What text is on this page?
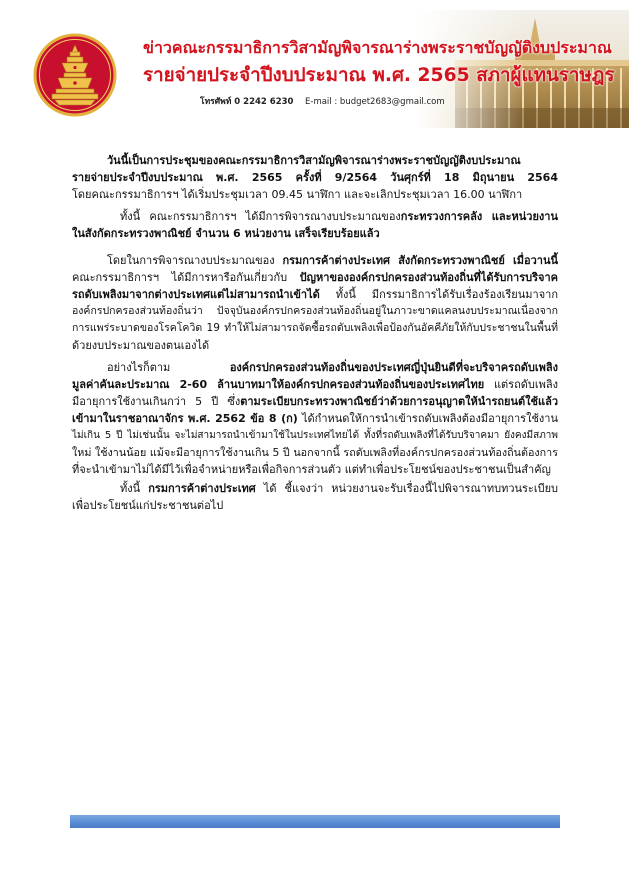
ข่าวคณะกรรมาธิการวิสามัญพิจารณาร่างพระราชบัญญัติงบประมาณ
รายจ่ายประจำปีงบประมาณ พ.ศ. 2565 สภาผู้แทนราษฎร
โทรศัพท์ 0 2242 6230 E-mail : budget2683@gmail.com
วันนี้เป็นการประชุมของคณะกรรมาธิการวิสามัญพิจารณาร่างพระราชบัญญัติงบประมาณ
รายจ่ายประจำปีงบประมาณ พ.ศ. 2565 ครั้งที่ 9/2564 วันศุกร์ที่ 18 มิถุนายน 2564
โดยคณะกรรมาธิการฯ ได้เริ่มประชุมเวลา 09.45 นาฬิกา และจะเลิกประชุมเวลา 16.00 นาฬิกา
ทั้งนี้ คณะกรรมาธิการฯ ได้มีการพิจารณางบประมาณของกระทรวงการคลัง และหน่วยงาน
ในสังกัดกระทรวงพาณิชย์ จำนวน 6 หน่วยงาน เสร็จเรียบร้อยแล้ว
โดยในการพิจารณางบประมาณของ กรมการค้าต่างประเทศ สังกัดกระทรวงพาณิชย์ เมื่อวานนี้
คณะกรรมาธิการฯ ได้มีการหารือกันเกี่ยวกับ ปัญหาขององค์กรปกครองส่วนท้องถิ่นที่ได้รับการบริจาค
รถดับเพลิงมาจากต่างประเทศแต่ไม่สามารถนำเข้าได้ ทั้งนี้ มีกรรมาธิการได้รับเรื่องร้องเรียนมาจาก
องค์กรปกครองส่วนท้องถิ่นว่า ปัจจุบันองค์กรปกครองส่วนท้องถิ่นอยู่ในภาวะขาดแคลนงบประมาณเนื่องจาก
การแพร่ระบาดของโรคโควิด 19 ทำให้ไม่สามารถจัดซื้อรถดับเพลิงเพื่อป้องกันอัคคีภัยให้กับประชาชนในพื้นที่
ด้วยงบประมาณของตนเองได้
อย่างไรก็ตาม องค์กรปกครองส่วนท้องถิ่นของประเทศญี่ปุ่นยินดีที่จะบริจาครถดับเพลิง
มูลค่าคันละประมาณ 2-60 ล้านบาทมาให้องค์กรปกครองส่วนท้องถิ่นของประเทศไทย แต่รถดับเพลิง
มีอายุการใช้งานเกินกว่า 5 ปี ซึ่งตามระเบียบกระทรวงพาณิชย์ว่าด้วยการอนุญาตให้นำรถยนต์ใช้แล้ว
เข้ามาในราชอาณาจักร พ.ศ. 2562 ข้อ 8 (ก) ได้กำหนดให้การนำเข้ารถดับเพลิงต้องมีอายุการใช้งาน
ไม่เกิน 5 ปี ไม่เช่นนั้น จะไม่สามารถนำเข้ามาใช้ในประเทศไทยได้ ทั้งที่รถดับเพลิงที่ได้รับบริจาคมา ยังคงมีสภาพ
ใหม่ ใช้งานน้อย แม้จะมีอายุการใช้งานเกิน 5 ปี นอกจากนี้ รถดับเพลิงที่องค์กรปกครองส่วนท้องถิ่นต้องการ
ที่จะนำเข้ามาไม่ได้มีไว้เพื่อจำหน่ายหรือเพื่อกิจการส่วนตัว แต่ทำเพื่อประโยชน์ของประชาชนเป็นสำคัญ
ทั้งนี้ กรมการค้าต่างประเทศ ได้ ชี้แจงว่า หน่วยงานจะรับเรื่องนี้ไปพิจารณาทบทวนระเบียบ
เพื่อประโยชน์แก่ประชาชนต่อไป
